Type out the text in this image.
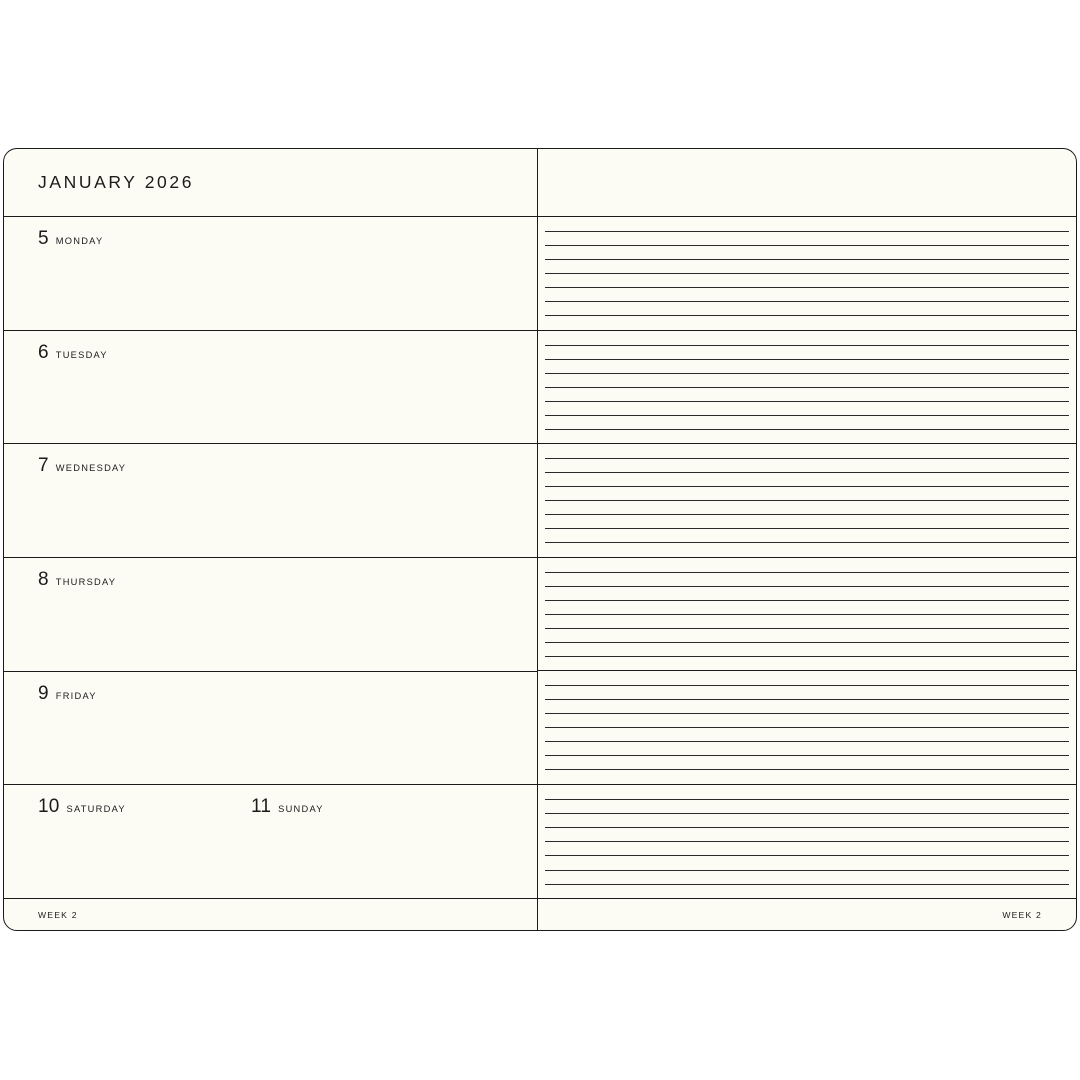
JANUARY 2026
5 MONDAY
6 TUESDAY
7 WEDNESDAY
8 THURSDAY
9 FRIDAY
10 SATURDAY	11 SUNDAY
WEEK 2	WEEK 2
